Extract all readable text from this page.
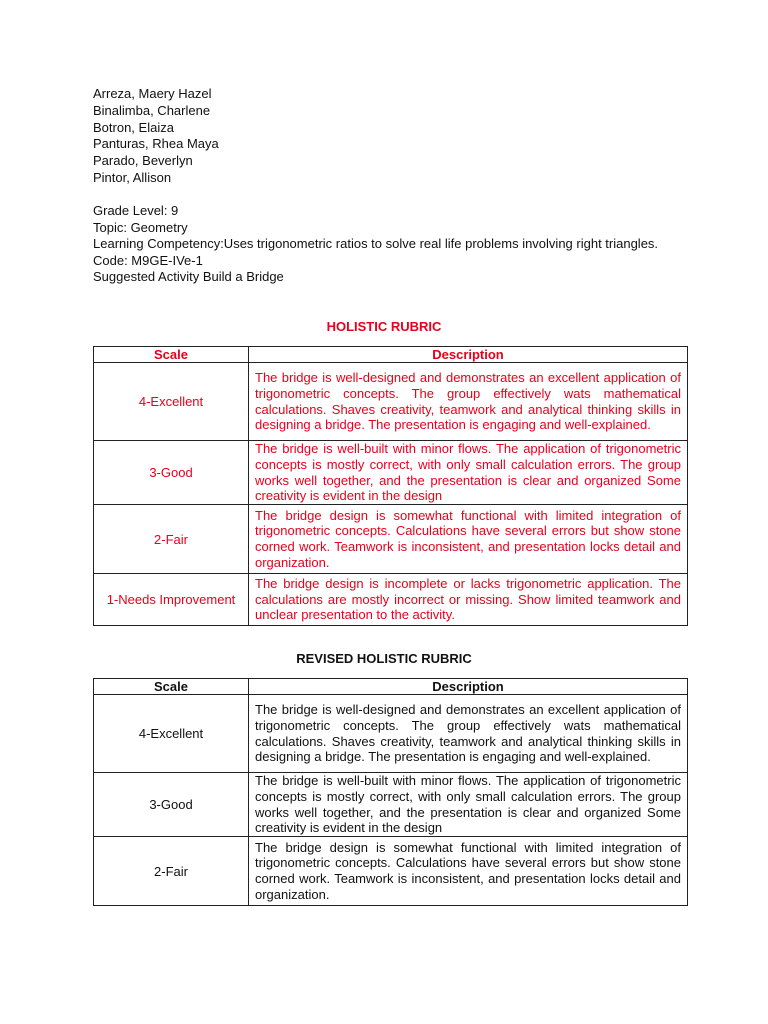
Arreza, Maery Hazel
Binalimba, Charlene
Botron, Elaiza
Panturas, Rhea Maya
Parado, Beverlyn
Pintor, Allison
Grade Level: 9
Topic: Geometry
Learning Competency:Uses trigonometric ratios to solve real life problems involving right triangles.
Code: M9GE-IVe-1
Suggested Activity Build a Bridge
HOLISTIC RUBRIC
Scale	Description
4-Excellent	The bridge is well-designed and demonstrates an excellent application of trigonometric concepts. The group effectively wats mathematical calculations. Shaves creativity, teamwork and analytical thinking skills in designing a bridge. The presentation is engaging and well-explained.
3-Good	The bridge is well-built with minor flows. The application of trigonometric concepts is mostly correct, with only small calculation errors. The group works well together, and the presentation is clear and organized Some creativity is evident in the design
2-Fair	The bridge design is somewhat functional with limited integration of trigonometric concepts. Calculations have several errors but show stone corned work. Teamwork is inconsistent, and presentation locks detail and organization.
1-Needs Improvement	The bridge design is incomplete or lacks trigonometric application. The calculations are mostly incorrect or missing. Show limited teamwork and unclear presentation to the activity.
REVISED HOLISTIC RUBRIC
Scale	Description
4-Excellent	The bridge is well-designed and demonstrates an excellent application of trigonometric concepts. The group effectively wats mathematical calculations. Shaves creativity, teamwork and analytical thinking skills in designing a bridge. The presentation is engaging and well-explained.
3-Good	The bridge is well-built with minor flows. The application of trigonometric concepts is mostly correct, with only small calculation errors. The group works well together, and the presentation is clear and organized Some creativity is evident in the design
2-Fair	The bridge design is somewhat functional with limited integration of trigonometric concepts. Calculations have several errors but show stone corned work. Teamwork is inconsistent, and presentation locks detail and organization.
